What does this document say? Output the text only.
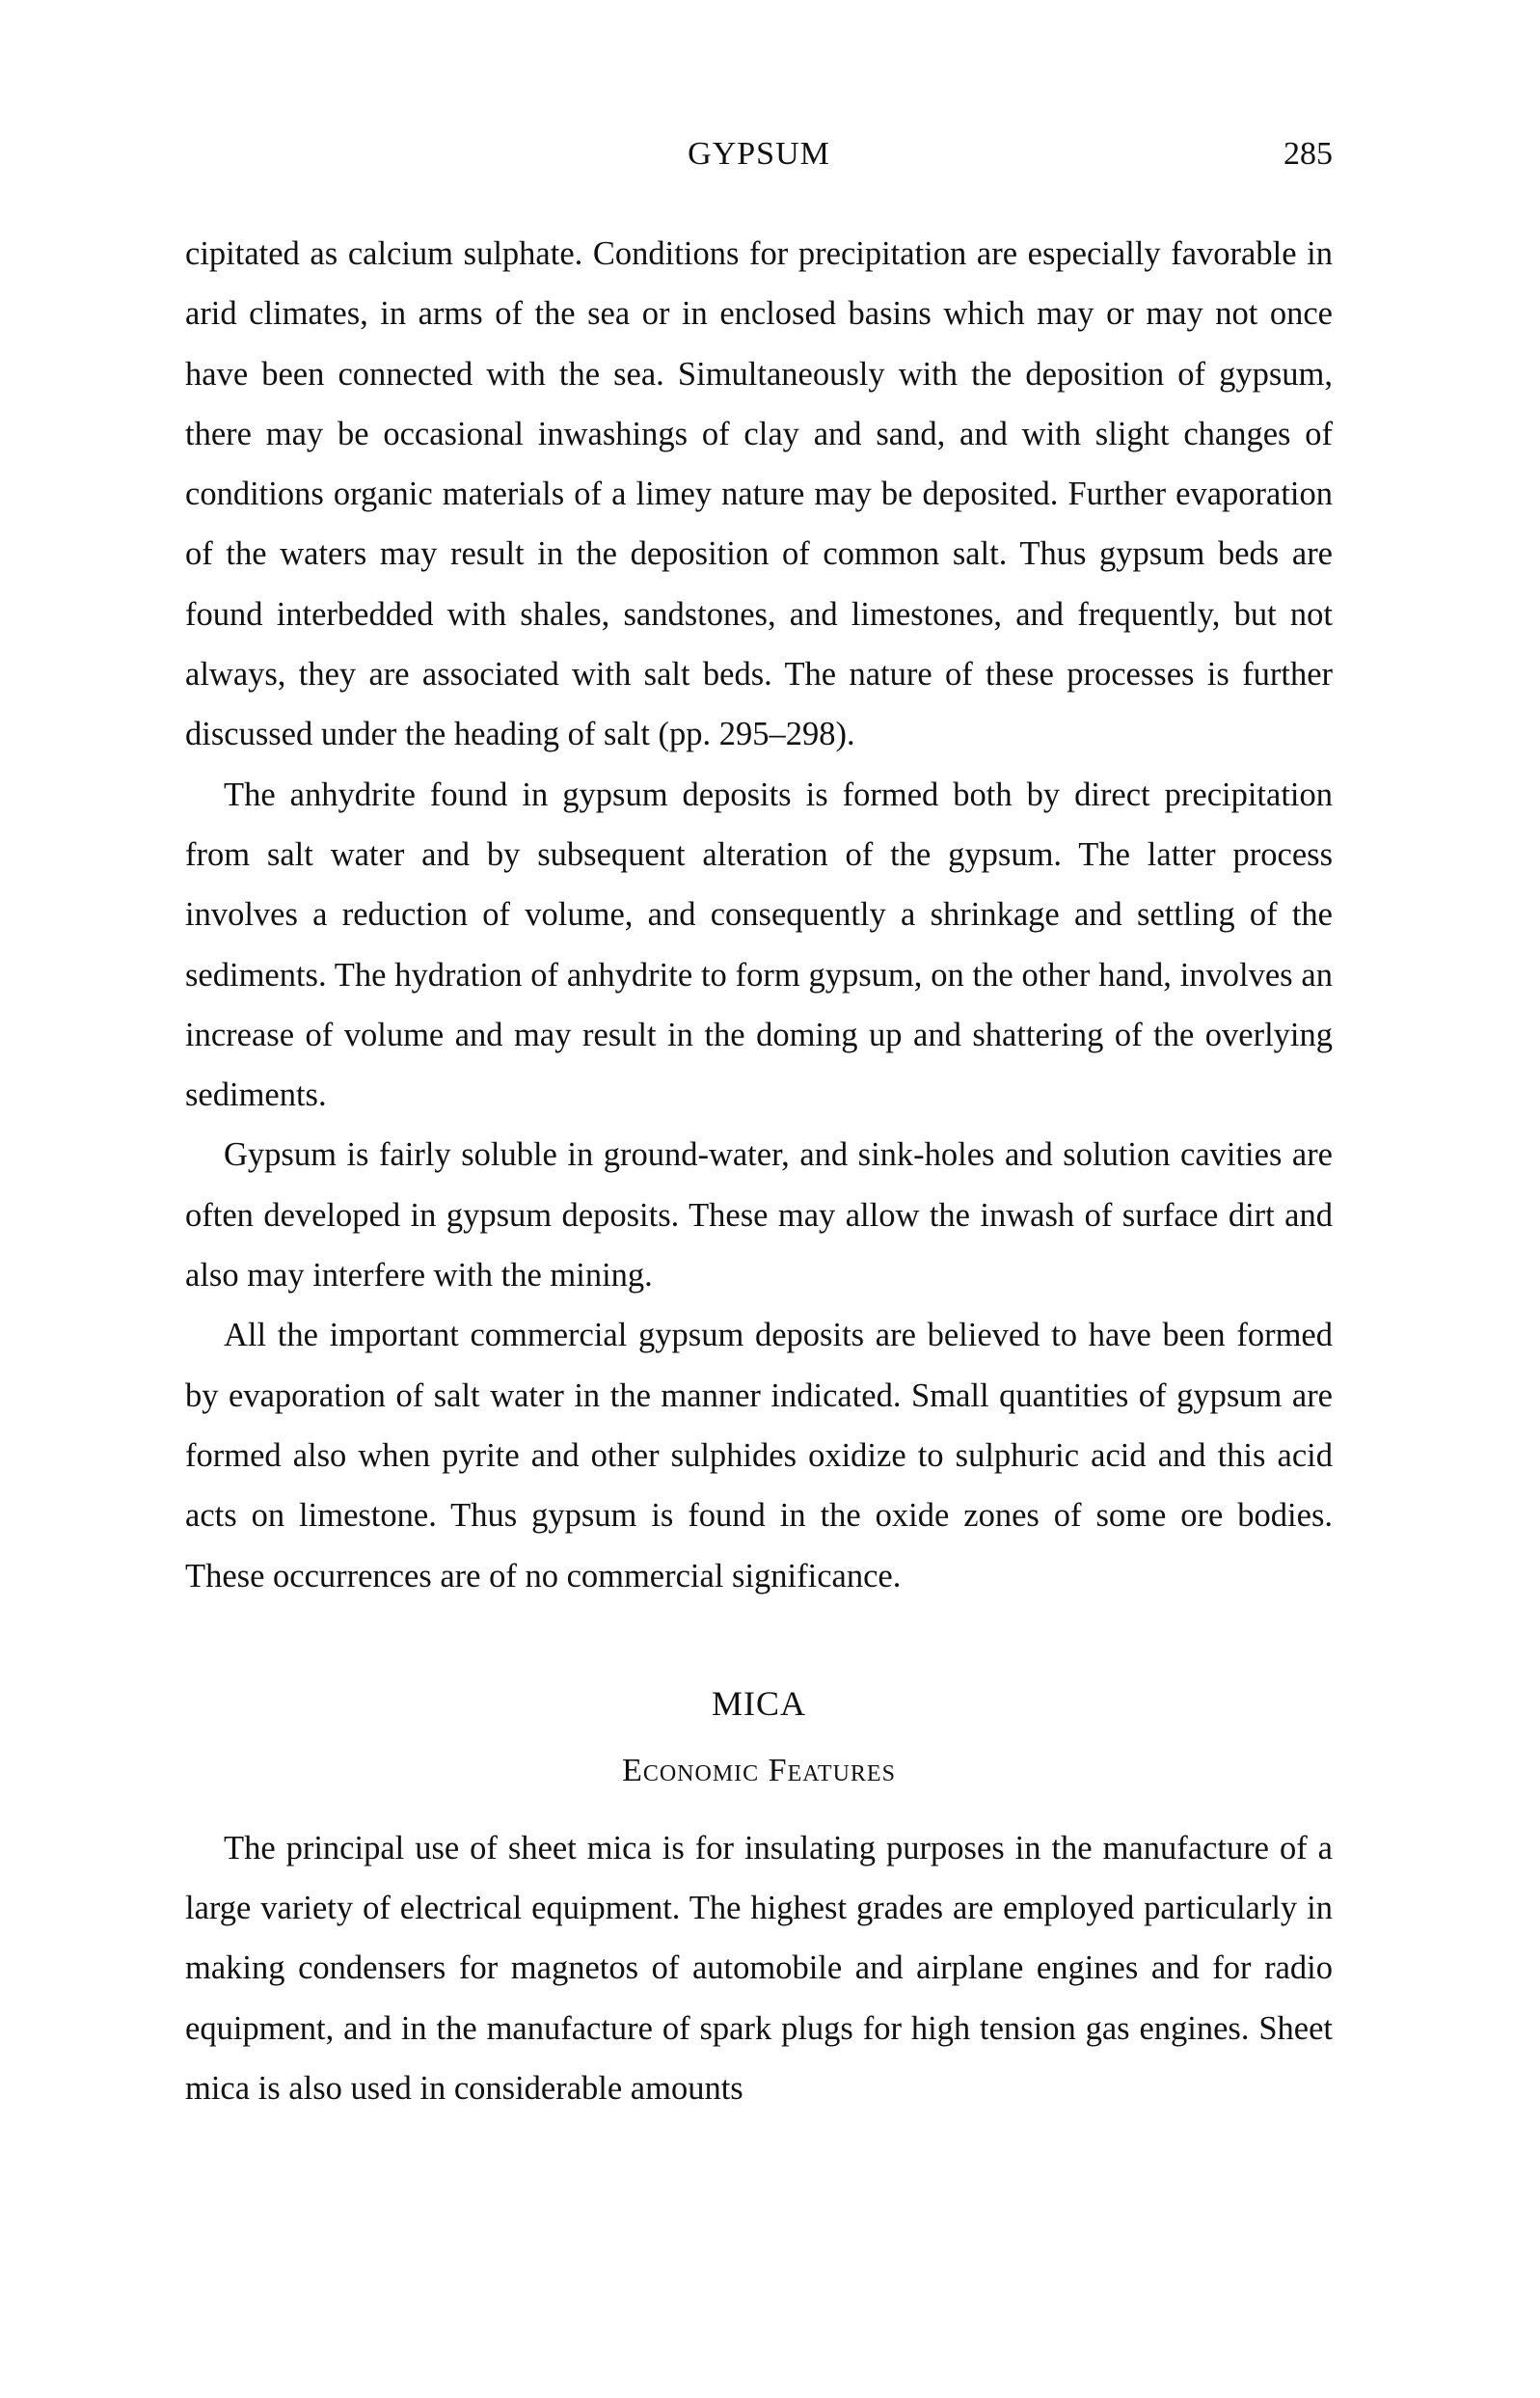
GYPSUM	285

cipitated as calcium sulphate. Conditions for precipitation are especially favorable in arid climates, in arms of the sea or in enclosed basins which may or may not once have been connected with the sea. Simultaneously with the deposition of gypsum, there may be occasional inwashings of clay and sand, and with slight changes of conditions organic materials of a limey nature may be deposited. Further evaporation of the waters may result in the deposition of common salt. Thus gypsum beds are found interbedded with shales, sandstones, and limestones, and frequently, but not always, they are associated with salt beds. The nature of these processes is further discussed under the heading of salt (pp. 295–298).

The anhydrite found in gypsum deposits is formed both by direct precipitation from salt water and by subsequent alteration of the gypsum. The latter process involves a reduction of volume, and consequently a shrinkage and settling of the sediments. The hydration of anhydrite to form gypsum, on the other hand, involves an increase of volume and may result in the doming up and shattering of the overlying sediments.

Gypsum is fairly soluble in ground-water, and sink-holes and solution cavities are often developed in gypsum deposits. These may allow the inwash of surface dirt and also may interfere with the mining.

All the important commercial gypsum deposits are believed to have been formed by evaporation of salt water in the manner indicated. Small quantities of gypsum are formed also when pyrite and other sulphides oxidize to sulphuric acid and this acid acts on limestone. Thus gypsum is found in the oxide zones of some ore bodies. These occurrences are of no commercial significance.

MICA
Economic Features

The principal use of sheet mica is for insulating purposes in the manufacture of a large variety of electrical equipment. The highest grades are employed particularly in making condensers for magnetos of automobile and airplane engines and for radio equipment, and in the manufacture of spark plugs for high tension gas engines. Sheet mica is also used in considerable amounts
